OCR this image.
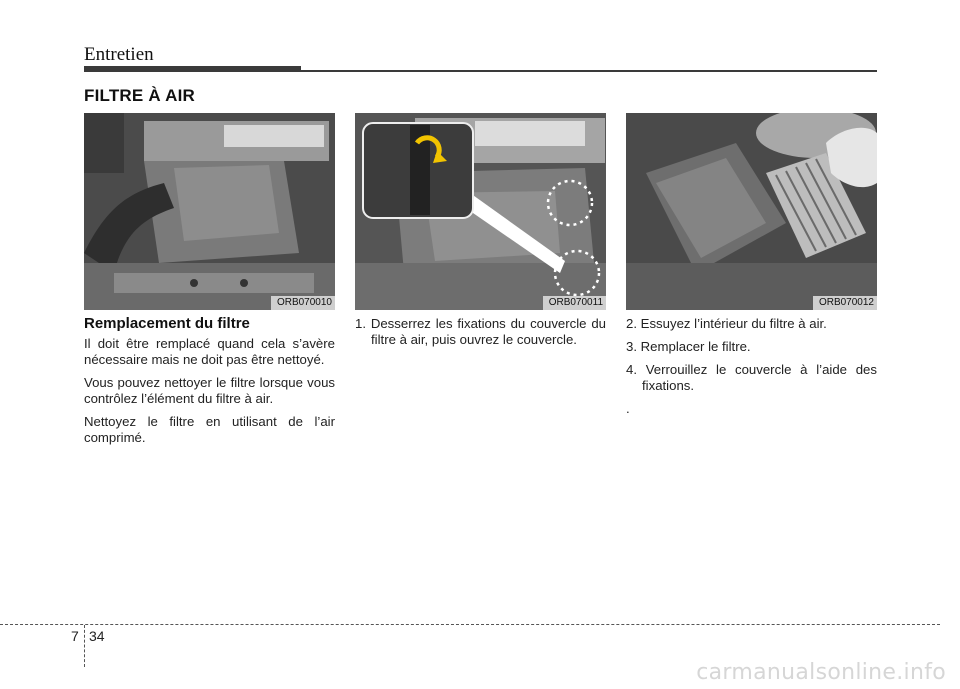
Entretien
FILTRE À AIR
ORB070010	ORB070011	ORB070012
Remplacement du filtre

Il doit être remplacé quand cela s’avère nécessaire mais ne doit pas être nettoyé.

Vous pouvez nettoyer le filtre lorsque vous contrôlez l’élément du filtre à air.

Nettoyez le filtre en utilisant de l’air comprimé.

1. Desserrez les fixations du couvercle du filtre à air, puis ouvrez le couvercle.

2. Essuyez l’intérieur du filtre à air.

3. Remplacer le filtre.

4. Verrouillez le couvercle à l’aide des fixations.

.

7 34
carmanualsonline.info
